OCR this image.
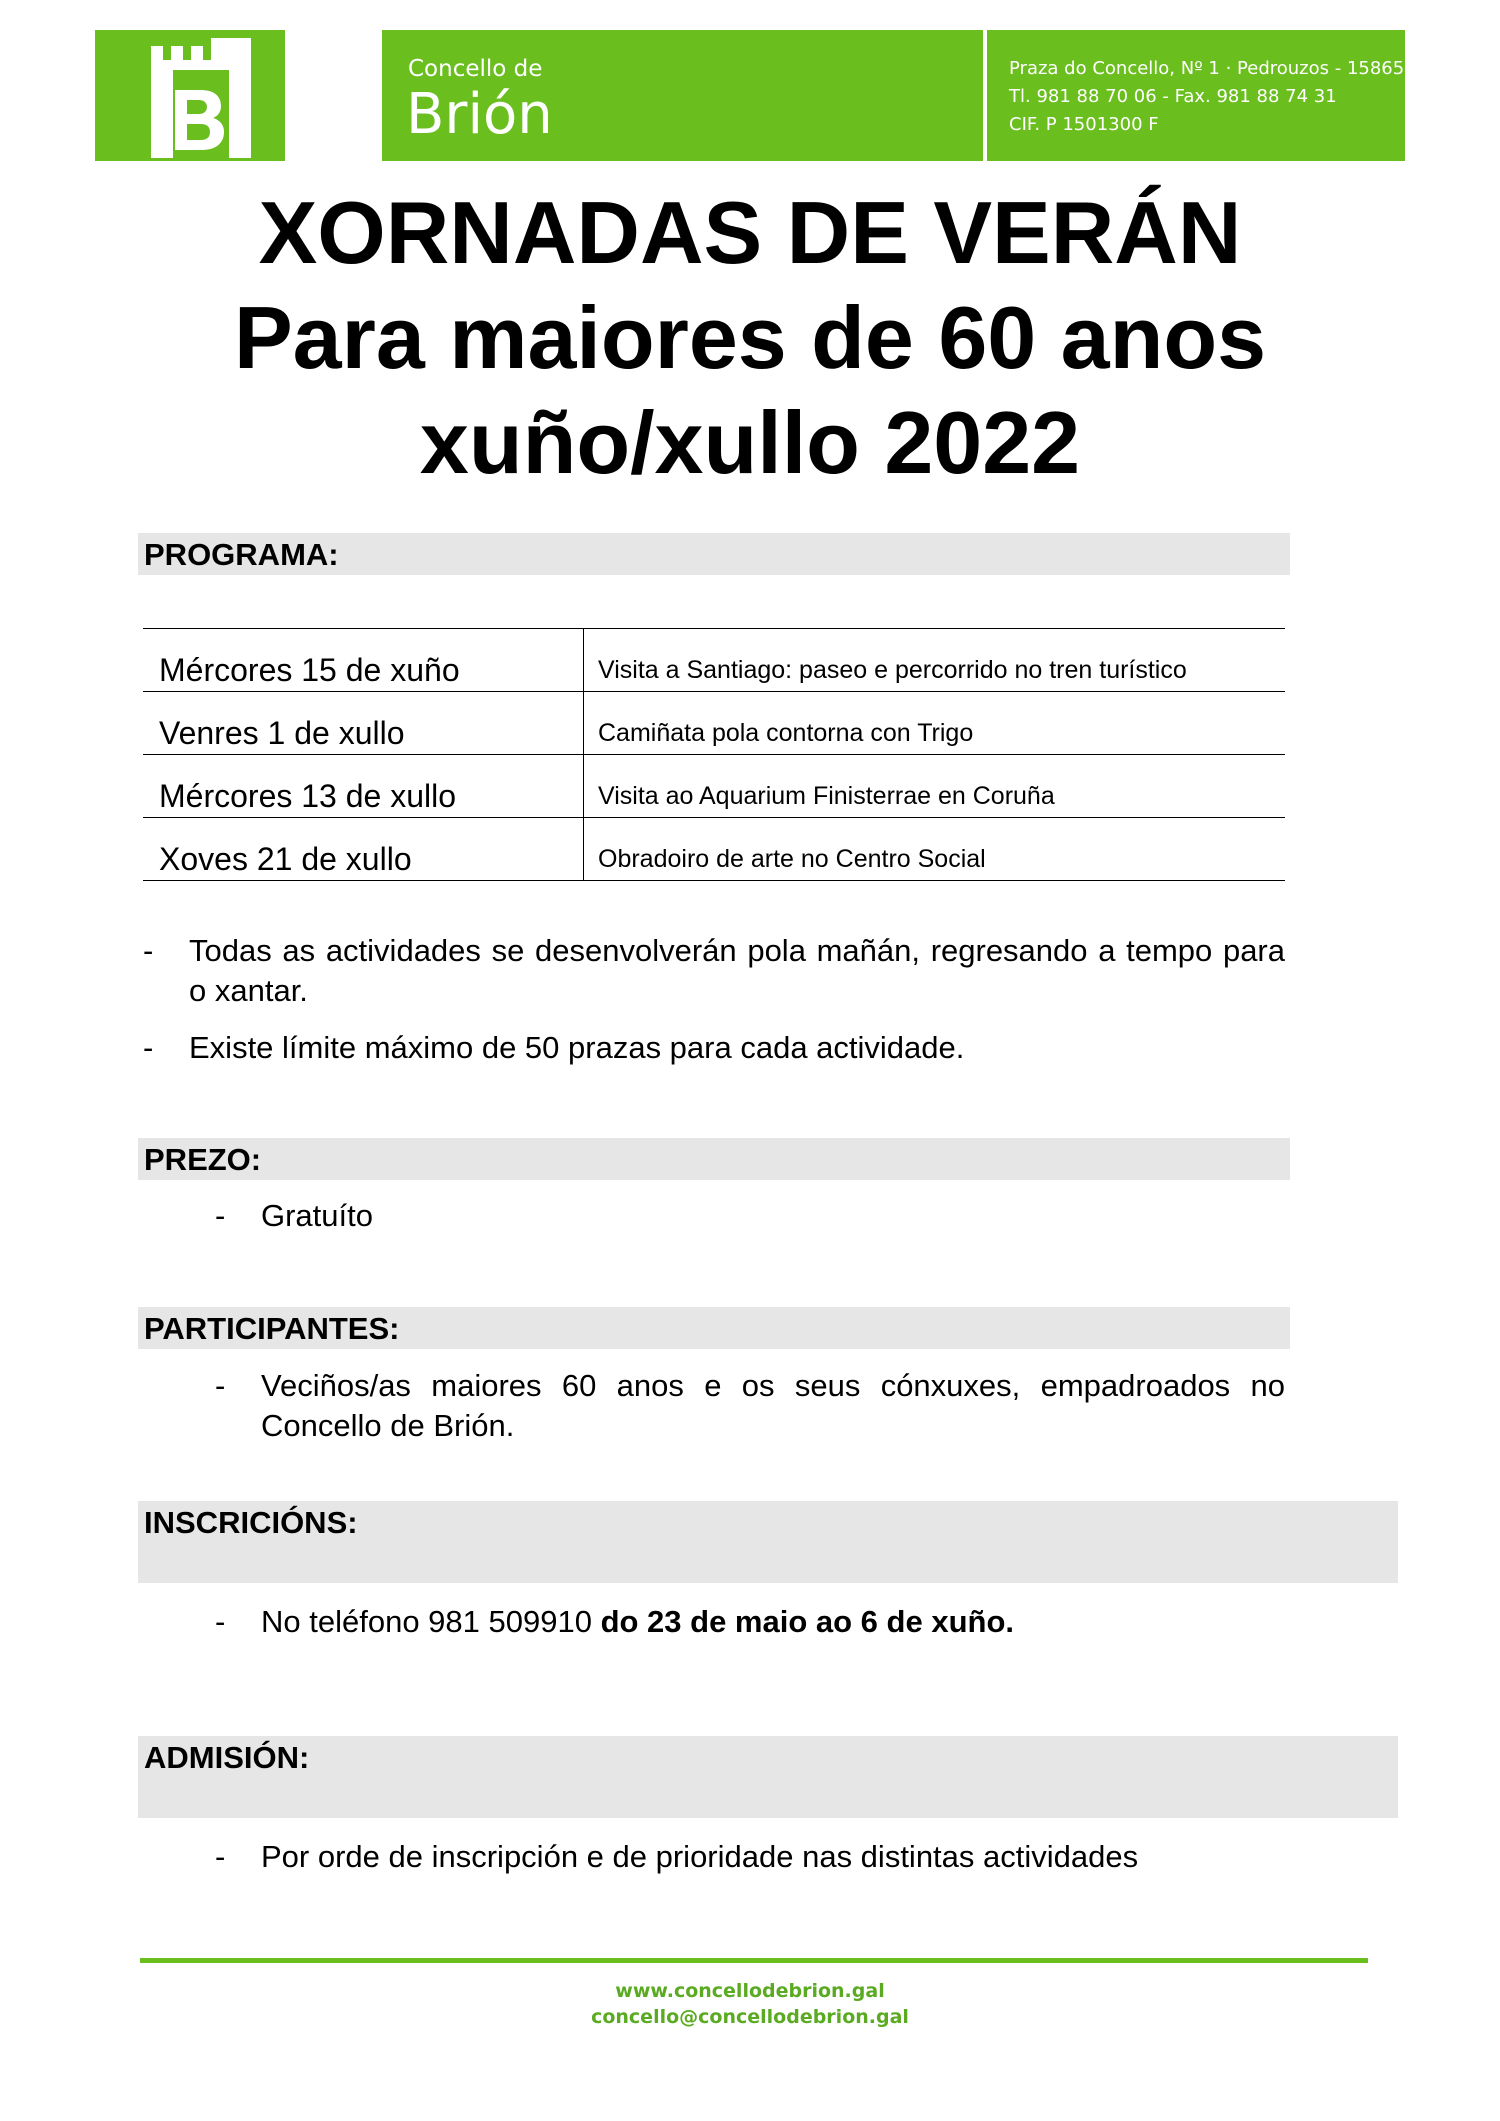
Concello de
Brión
Praza do Concello, Nº 1 · Pedrouzos - 15865 - Brión
Tl. 981 88 70 06 - Fax. 981 88 74 31
CIF. P 1501300 F
XORNADAS DE VERÁN
Para maiores de 60 anos
xuño/xullo 2022
PROGRAMA:
Mércores 15 de xuño	Visita a Santiago: paseo e percorrido no tren turístico
Venres 1 de xullo	Camiñata pola contorna con Trigo
Mércores 13 de xullo	Visita ao Aquarium Finisterrae en Coruña
Xoves 21 de xullo	Obradoiro de arte no Centro Social
- Todas as actividades se desenvolverán pola mañán, regresando a tempo para o xantar.
- Existe límite máximo de 50 prazas para cada actividade.
PREZO:
- Gratuíto
PARTICIPANTES:
- Veciños/as maiores 60 anos e os seus cónxuxes, empadroados no Concello de Brión.
INSCRICIÓNS:
- No teléfono 981 509910 do 23 de maio ao 6 de xuño.
ADMISIÓN:
- Por orde de inscripción e de prioridade nas distintas actividades
www.concellodebrion.gal
concello@concellodebrion.gal
